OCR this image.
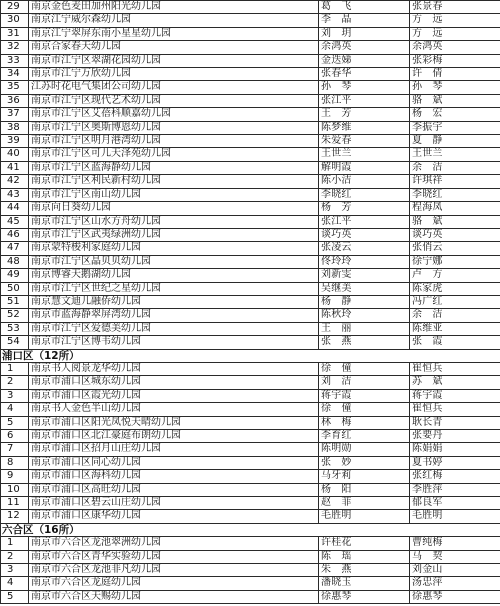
29	南京金色麦田加州阳光幼儿园	葛　飞	张景春
30	南京江宁威尔森幼儿园	李　晶	方　远
31	南京江宁翠屏东南小星星幼儿园	刘　玥	方　远
32	南京合家春天幼儿园	余鸿英	余鸿英
33	南京市江宁区翠湖花园幼儿园	金迭娣	张彩梅
34	南京市江宁万欣幼儿园	张春华	许　倩
35	江苏时花电气集团公司幼儿园	孙　琴	孙　琴
36	南京市江宁区现代艺术幼儿园	张江平	骆　斌
37	南京市江宁区艾蓓科顺嘉幼儿园	王　芳	杨　宏
38	南京市江宁区奥斯博恩幼儿园	陈梦维	李振宇
39	南京市江宁区明月港湾幼儿园	朱爱春	夏　静
40	南京市江宁区可儿天泽苑幼儿园	王世兰	王世兰
41	南京市江宁区蓝海静幼儿园	解明霞	余　洁
42	南京市江宁区利民新村幼儿园	陈小洁	许琪祥
43	南京市江宁区南山幼儿园	李晓红	李晓红
44	南京向日葵幼儿园	杨　芳	程海凤
45	南京市江宁区山水方舟幼儿园	张江平	骆　斌
46	南京市江宁区武夷绿洲幼儿园	谈巧英	谈巧英
47	南京蒙特梭利家庭幼儿园	张凌云	张俏云
48	南京市江宁区晶贝贝幼儿园	佟玲玲	徐宁娜
49	南京博睿天鹅湖幼儿园	刘新雯	卢　方
50	南京市江宁区世纪之星幼儿园	吴继美	陈家虎
51	南京慧文迪儿融侨幼儿园	杨　静	冯广红
52	南京市蓝海静翠屏湾幼儿园	陈秋玲	余　洁
53	南京市江宁区爱德美幼儿园	王　丽	陈维亚
54	南京市江宁区博韦幼儿园	张　燕	张　霞
浦口区（12所）			
1	南京书人阅景龙华幼儿园	徐　僮	崔恒兵
2	南京市浦口区城东幼儿园	刘　洁	苏　斌
3	南京市浦口区霞光幼儿园	蒋宇霞	蒋宇霞
4	南京书人金色半山幼儿园	徐　僮	崔恒兵
5	南京市浦口区阳光凤悦天晴幼儿园	林　梅	耿长青
6	南京市浦口区北江豪庭布朗幼儿园	李育红	张要丹
7	南京市浦口区招月山庄幼儿园	陈明勋	陈娟娟
8	南京市浦口区同心幼儿园	张　妙	夏书婷
9	南京市浦口区海科幼儿园	马牙莉	张红梅
10	南京市浦口区高旺幼儿园	杨　阳	李胜萍
11	南京市浦口区碧云山庄幼儿园	赵　菲	郁良军
12	南京市浦口区康华幼儿园	毛胜明	毛胜明
六合区（16所）			
1	南京市六合区龙池翠洲幼儿园	许桂花	曹纯梅
2	南京市六合区青华实验幼儿园	陈　瑶	马　契
3	南京市六合区龙池非凡幼儿园	朱　燕	刘金山
4	南京市六合区龙庭幼儿园	潘晓玉	汤忠萍
5	南京市六合区天赐幼儿园	徐惠琴	徐惠琴
